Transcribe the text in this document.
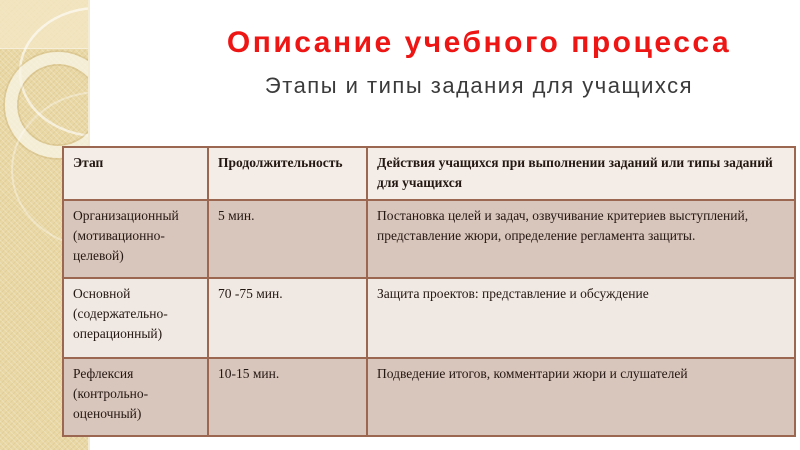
Описание учебного процесса
Этапы и типы задания для учащихся
Этап	Продолжительность	Действия учащихся при выполнении заданий или типы заданий для учащихся
Организационный (мотивационно-целевой)	5 мин.	Постановка целей и задач, озвучивание критериев выступлений, представление жюри, определение регламента защиты.
Основной (содержательно-операционный)	70 -75 мин.	Защита проектов: представление и обсуждение
Рефлексия (контрольно-оценочный)	10-15 мин.	Подведение итогов, комментарии жюри и слушателей
